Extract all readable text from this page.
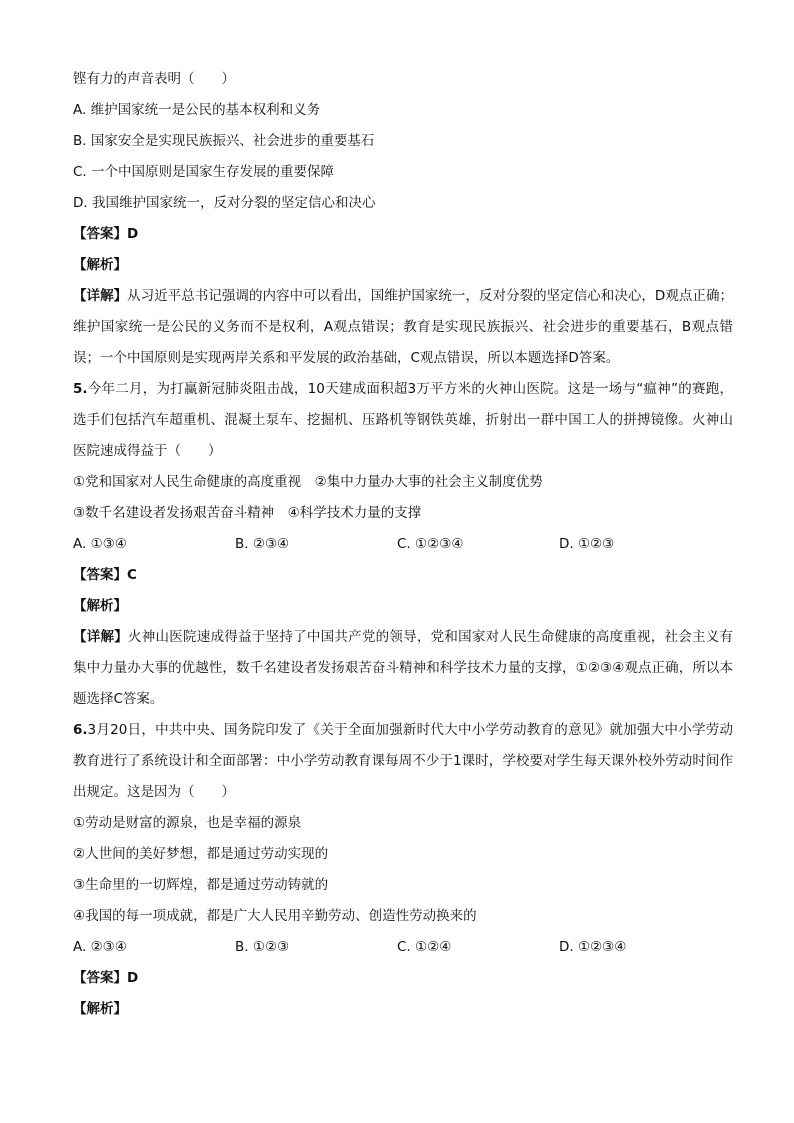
铿有力的声音表明（　　）
A. 维护国家统一是公民的基本权利和义务
B. 国家安全是实现民族振兴、社会进步的重要基石
C. 一个中国原则是国家生存发展的重要保障
D. 我国维护国家统一，反对分裂的坚定信心和决心
【答案】D
【解析】
【详解】从习近平总书记强调的内容中可以看出，国维护国家统一，反对分裂的坚定信心和决心，D观点正确；维护国家统一是公民的义务而不是权利，A观点错误；教育是实现民族振兴、社会进步的重要基石，B观点错误；一个中国原则是实现两岸关系和平发展的政治基础，C观点错误，所以本题选择D答案。
5.今年二月，为打赢新冠肺炎阻击战，10天建成面积超3万平方米的火神山医院。这是一场与“瘟神”的赛跑，选手们包括汽车超重机、混凝土泵车、挖掘机、压路机等钢铁英雄，折射出一群中国工人的拼搏镜像。火神山医院速成得益于（　　）
①党和国家对人民生命健康的高度重视　②集中力量办大事的社会主义制度优势
③数千名建设者发扬艰苦奋斗精神　④科学技术力量的支撑
A. ①③④	B. ②③④	C. ①②③④	D. ①②③
【答案】C
【解析】
【详解】火神山医院速成得益于坚持了中国共产党的领导，党和国家对人民生命健康的高度重视，社会主义有集中力量办大事的优越性，数千名建设者发扬艰苦奋斗精神和科学技术力量的支撑，①②③④观点正确，所以本题选择C答案。
6.3月20日，中共中央、国务院印发了《关于全面加强新时代大中小学劳动教育的意见》就加强大中小学劳动教育进行了系统设计和全面部署：中小学劳动教育课每周不少于1课时，学校要对学生每天课外校外劳动时间作出规定。这是因为（　　）
①劳动是财富的源泉，也是幸福的源泉
②人世间的美好梦想，都是通过劳动实现的
③生命里的一切辉煌，都是通过劳动铸就的
④我国的每一项成就，都是广大人民用辛勤劳动、创造性劳动换来的
A. ②③④	B. ①②③	C. ①②④	D. ①②③④
【答案】D
【解析】
